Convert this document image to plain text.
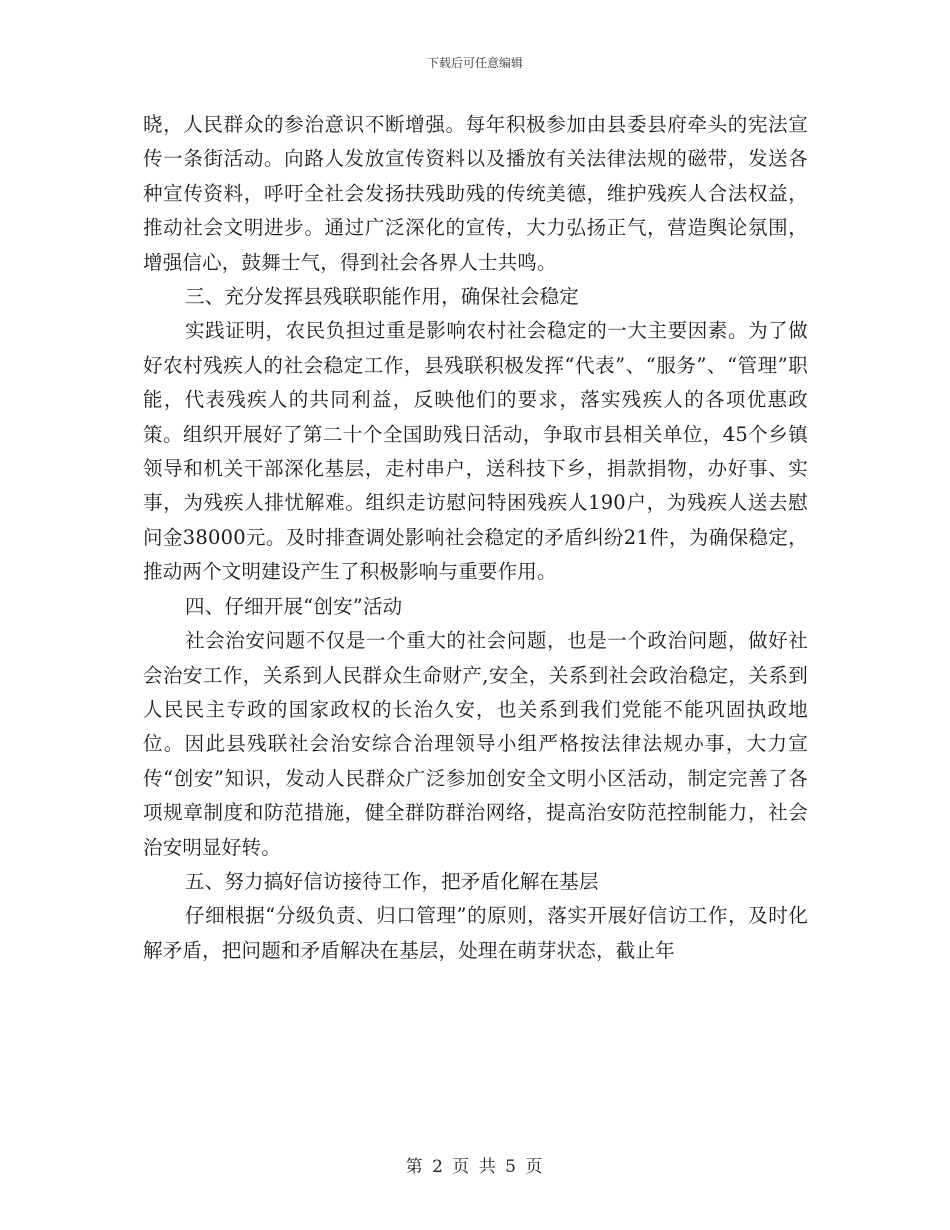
下载后可任意编辑

晓，人民群众的参治意识不断增强。每年积极参加由县委县府牵头的宪法宣传一条街活动。向路人发放宣传资料以及播放有关法律法规的磁带，发送各种宣传资料，呼吁全社会发扬扶残助残的传统美德，维护残疾人合法权益，推动社会文明进步。通过广泛深化的宣传，大力弘扬正气，营造舆论氛围，增强信心，鼓舞士气，得到社会各界人士共鸣。

三、充分发挥县残联职能作用，确保社会稳定

实践证明，农民负担过重是影响农村社会稳定的一大主要因素。为了做好农村残疾人的社会稳定工作，县残联积极发挥“代表”、“服务”、“管理”职能，代表残疾人的共同利益，反映他们的要求，落实残疾人的各项优惠政策。组织开展好了第二十个全国助残日活动，争取市县相关单位，45个乡镇领导和机关干部深化基层，走村串户，送科技下乡，捐款捐物，办好事、实事，为残疾人排忧解难。组织走访慰问特困残疾人190户，为残疾人送去慰问金38000元。及时排查调处影响社会稳定的矛盾纠纷21件，为确保稳定，推动两个文明建设产生了积极影响与重要作用。

四、仔细开展“创安”活动

社会治安问题不仅是一个重大的社会问题，也是一个政治问题，做好社会治安工作，关系到人民群众生命财产,安全，关系到社会政治稳定，关系到人民民主专政的国家政权的长治久安，也关系到我们党能不能巩固执政地位。因此县残联社会治安综合治理领导小组严格按法律法规办事，大力宣传“创安”知识，发动人民群众广泛参加创安全文明小区活动，制定完善了各项规章制度和防范措施，健全群防群治网络，提高治安防范控制能力，社会治安明显好转。

五、努力搞好信访接待工作，把矛盾化解在基层

仔细根据“分级负责、归口管理”的原则，落实开展好信访工作，及时化解矛盾，把问题和矛盾解决在基层，处理在萌芽状态，截止年

第 2 页 共 5 页
